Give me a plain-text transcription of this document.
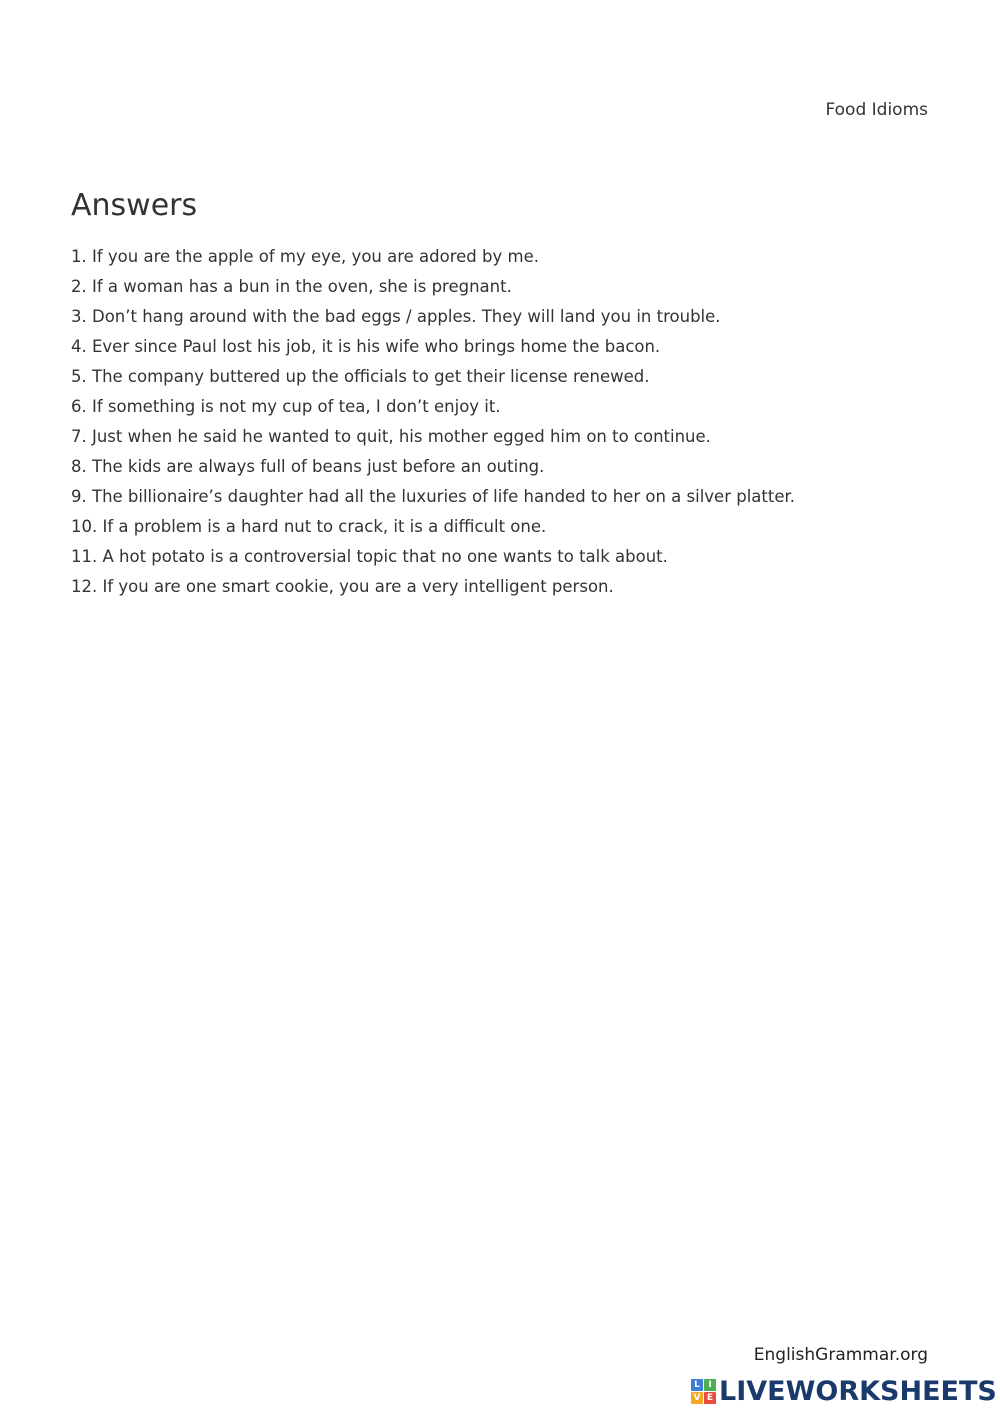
Food Idioms
Answers
1. If you are the apple of my eye, you are adored by me.
2. If a woman has a bun in the oven, she is pregnant.
3. Don’t hang around with the bad eggs / apples. They will land you in trouble.
4. Ever since Paul lost his job, it is his wife who brings home the bacon.
5. The company buttered up the officials to get their license renewed.
6. If something is not my cup of tea, I don’t enjoy it.
7. Just when he said he wanted to quit, his mother egged him on to continue.
8. The kids are always full of beans just before an outing.
9. The billionaire’s daughter had all the luxuries of life handed to her on a silver platter.
10. If a problem is a hard nut to crack, it is a difficult one.
11. A hot potato is a controversial topic that no one wants to talk about.
12. If you are one smart cookie, you are a very intelligent person.
EnglishGrammar.org
L I
V E LIVEWORKSHEETS
